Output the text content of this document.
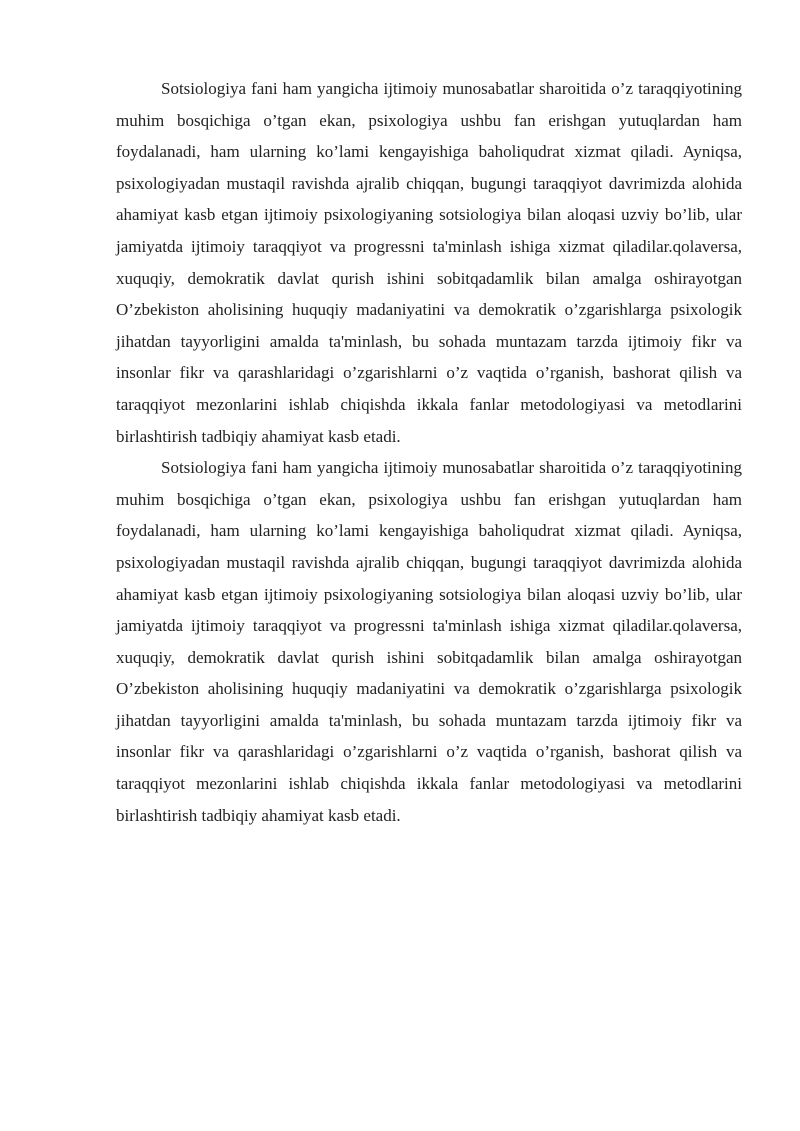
Sotsiologiya fani ham yangicha ijtimoiy munosabatlar sharoitida o’z taraqqiyotining muhim bosqichiga o’tgan ekan, psixologiya ushbu fan erishgan yutuqlardan ham foydalanadi, ham ularning ko’lami kengayishiga baholiqudrat xizmat qiladi. Ayniqsa, psixologiyadan mustaqil ravishda ajralib chiqqan, bugungi taraqqiyot davrimizda alohida ahamiyat kasb etgan ijtimoiy psixologiyaning sotsiologiya bilan aloqasi uzviy bo’lib, ular jamiyatda ijtimoiy taraqqiyot va progressni ta'minlash ishiga xizmat qiladilar.qolaversa, xuquqiy, demokratik davlat qurish ishini sobitqadamlik bilan amalga oshirayotgan O’zbekiston aholisining huquqiy madaniyatini va demokratik o’zgarishlarga psixologik jihatdan tayyorligini amalda ta'minlash, bu sohada muntazam tarzda ijtimoiy fikr va insonlar fikr va qarashlaridagi o’zgarishlarni o’z vaqtida o’rganish, bashorat qilish va taraqqiyot mezonlarini ishlab chiqishda ikkala fanlar metodologiyasi va metodlarini birlashtirish tadbiqiy ahamiyat kasb etadi.

Sotsiologiya fani ham yangicha ijtimoiy munosabatlar sharoitida o’z taraqqiyotining muhim bosqichiga o’tgan ekan, psixologiya ushbu fan erishgan yutuqlardan ham foydalanadi, ham ularning ko’lami kengayishiga baholiqudrat xizmat qiladi. Ayniqsa, psixologiyadan mustaqil ravishda ajralib chiqqan, bugungi taraqqiyot davrimizda alohida ahamiyat kasb etgan ijtimoiy psixologiyaning sotsiologiya bilan aloqasi uzviy bo’lib, ular jamiyatda ijtimoiy taraqqiyot va progressni ta'minlash ishiga xizmat qiladilar.qolaversa, xuquqiy, demokratik davlat qurish ishini sobitqadamlik bilan amalga oshirayotgan O’zbekiston aholisining huquqiy madaniyatini va demokratik o’zgarishlarga psixologik jihatdan tayyorligini amalda ta'minlash, bu sohada muntazam tarzda ijtimoiy fikr va insonlar fikr va qarashlaridagi o’zgarishlarni o’z vaqtida o’rganish, bashorat qilish va taraqqiyot mezonlarini ishlab chiqishda ikkala fanlar metodologiyasi va metodlarini birlashtirish tadbiqiy ahamiyat kasb etadi.
